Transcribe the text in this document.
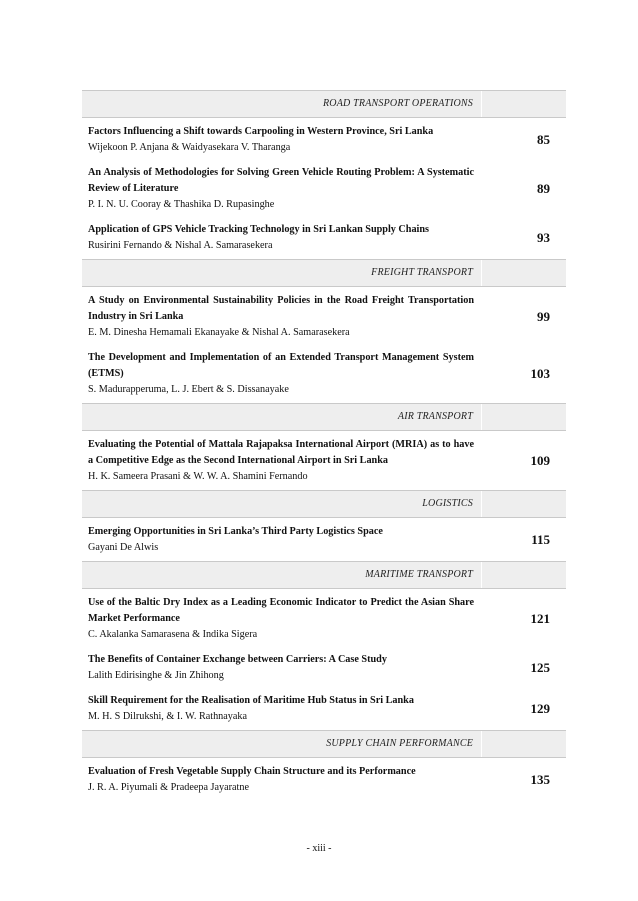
ROAD TRANSPORT OPERATIONS
Factors Influencing a Shift towards Carpooling in Western Province, Sri Lanka
Wijekoon P. Anjana & Waidyasekara V. Tharanga
85
An Analysis of Methodologies for Solving Green Vehicle Routing Problem: A Systematic Review of Literature
P. I. N. U. Cooray & Thashika D. Rupasinghe
89
Application of GPS Vehicle Tracking Technology in Sri Lankan Supply Chains
Rusirini Fernando & Nishal A. Samarasekera
93
FREIGHT TRANSPORT
A Study on Environmental Sustainability Policies in the Road Freight Transportation Industry in Sri Lanka
E. M. Dinesha Hemamali Ekanayake & Nishal A. Samarasekera
99
The Development and Implementation of an Extended Transport Management System (ETMS)
S. Madurapperuma, L. J. Ebert & S. Dissanayake
103
AIR TRANSPORT
Evaluating the Potential of Mattala Rajapaksa International Airport (MRIA) as to have a Competitive Edge as the Second International Airport in Sri Lanka
H. K. Sameera Prasani & W. W. A. Shamini Fernando
109
LOGISTICS
Emerging Opportunities in Sri Lanka’s Third Party Logistics Space
Gayani De Alwis
115
MARITIME TRANSPORT
Use of the Baltic Dry Index as a Leading Economic Indicator to Predict the Asian Share Market Performance
C. Akalanka Samarasena & Indika Sigera
121
The Benefits of Container Exchange between Carriers: A Case Study
Lalith Edirisinghe & Jin Zhihong
125
Skill Requirement for the Realisation of Maritime Hub Status in Sri Lanka
M. H. S Dilrukshi, & I. W. Rathnayaka
129
SUPPLY CHAIN PERFORMANCE
Evaluation of Fresh Vegetable Supply Chain Structure and its Performance
J. R. A. Piyumali & Pradeepa Jayaratne
135
- xiii -
